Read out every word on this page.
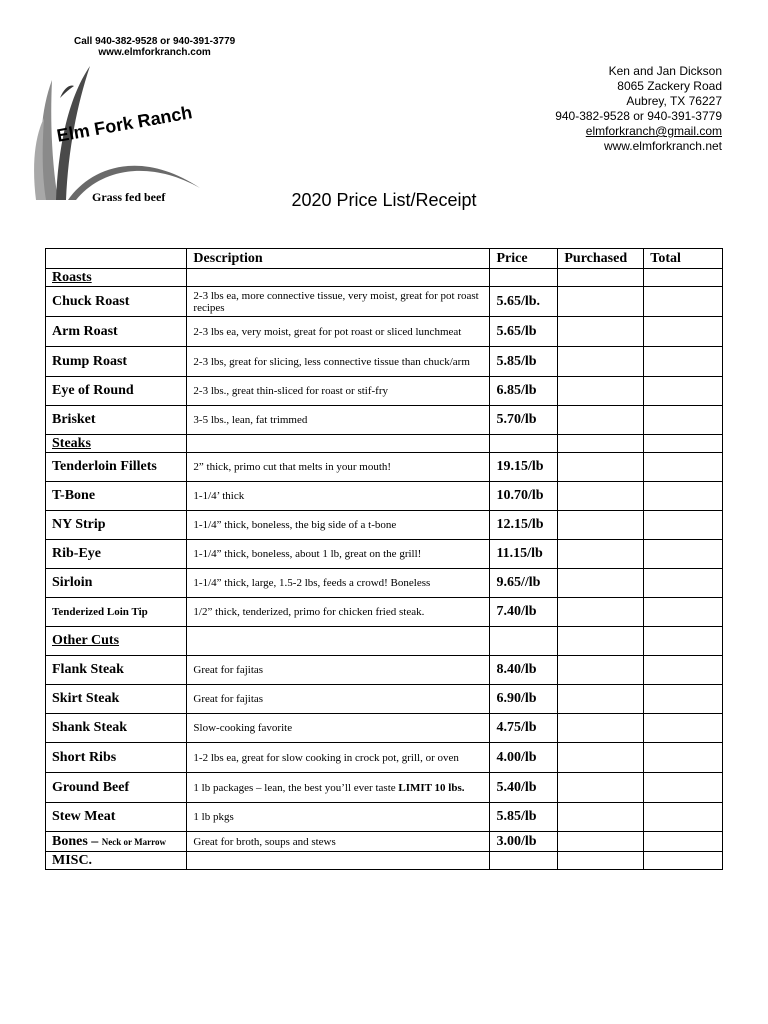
Call 940-382-9528 or 940-391-3779
www.elmforkranch.com
Elm Fork Ranch
Grass fed beef
Ken and Jan Dickson
8065 Zackery Road
Aubrey, TX 76227
940-382-9528 or 940-391-3779
elmforkranch@gmail.com
www.elmforkranch.net
2020 Price List/Receipt
	Description	Price	Purchased	Total
Roasts				
Chuck Roast	2-3 lbs ea, more connective tissue, very moist, great for pot roast recipes	5.65/lb.		
Arm Roast	2-3 lbs ea, very moist, great for pot roast or sliced lunchmeat	5.65/lb		
Rump Roast	2-3 lbs, great for slicing, less connective tissue than chuck/arm	5.85/lb		
Eye of Round	2-3 lbs., great thin-sliced for roast or stif-fry	6.85/lb		
Brisket	3-5 lbs., lean, fat trimmed	5.70/lb		
Steaks				
Tenderloin Fillets	2” thick, primo cut that melts in your mouth!	19.15/lb		
T-Bone	1-1/4’ thick	10.70/lb		
NY Strip	1-1/4” thick, boneless, the big side of a t-bone	12.15/lb		
Rib-Eye	1-1/4” thick, boneless, about 1 lb, great on the grill!	11.15/lb		
Sirloin	1-1/4” thick, large, 1.5-2 lbs, feeds a crowd! Boneless	9.65//lb		
Tenderized Loin Tip	1/2” thick, tenderized, primo for chicken fried steak.	7.40/lb		
Other Cuts				
Flank Steak	Great for fajitas	8.40/lb		
Skirt Steak	Great for fajitas	6.90/lb		
Shank Steak	Slow-cooking favorite	4.75/lb		
Short Ribs	1-2 lbs ea, great for slow cooking in crock pot, grill, or oven	4.00/lb		
Ground Beef	1 lb packages – lean, the best you’ll ever taste LIMIT 10 lbs.	5.40/lb		
Stew Meat	1 lb pkgs	5.85/lb		
Bones – Neck or Marrow	Great for broth, soups and stews	3.00/lb		
MISC.				
